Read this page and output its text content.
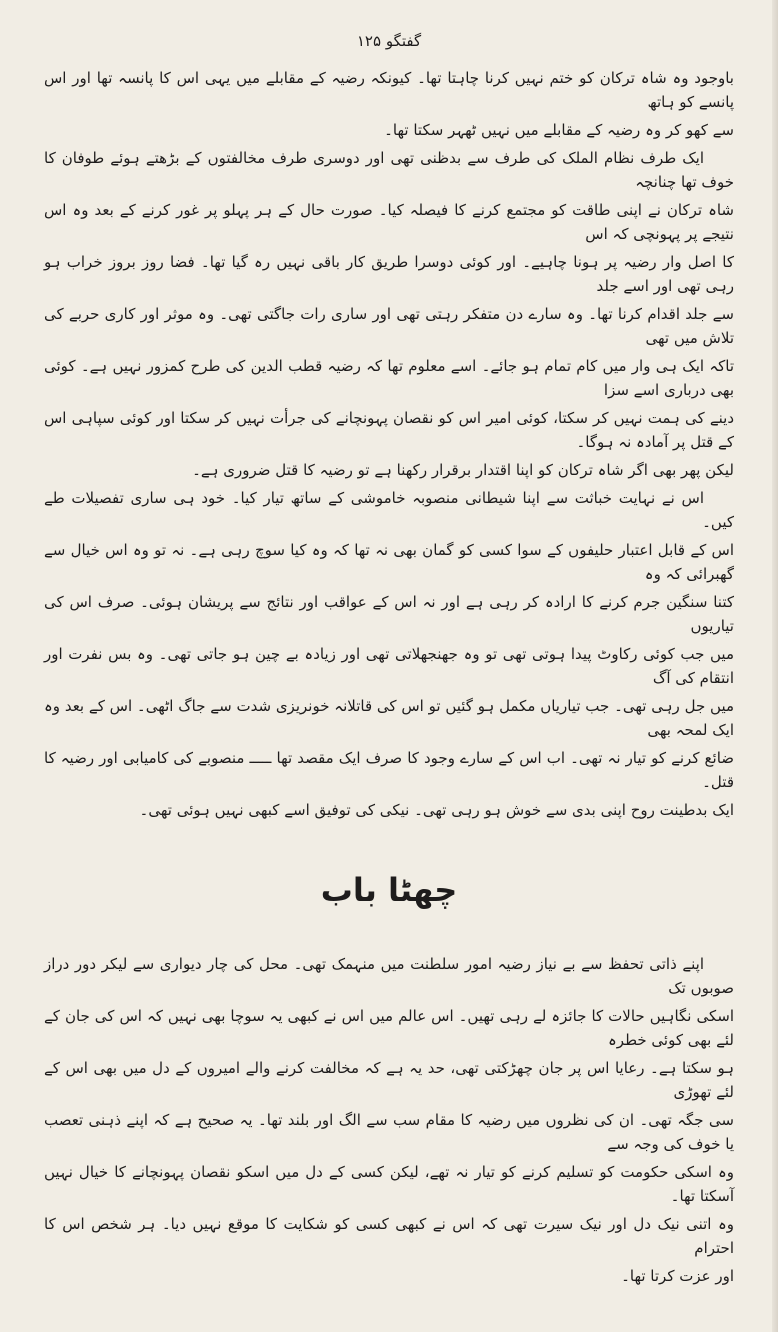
گفتگو ۱۲۵
باوجود وہ شاہ ترکان کو ختم نہیں کرنا چاہتا تھا۔ کیونکہ رضیہ کے مقابلے میں یہی اس کا پانسہ تھا اور اس پانسے کو ہاتھ
سے کھو کر وہ رضیہ کے مقابلے میں نہیں ٹھہر سکتا تھا۔
ایک طرف نظام الملک کی طرف سے بدظنی تھی اور دوسری طرف مخالفتوں کے بڑھتے ہوئے طوفان کا خوف تھا چنانچہ
شاہ ترکان نے اپنی طاقت کو مجتمع کرنے کا فیصلہ کیا۔ صورت حال کے ہر پہلو پر غور کرنے کے بعد وہ اس نتیجے پر پہونچی کہ اس
کا اصل وار رضیہ پر ہونا چاہیے۔ اور کوئی دوسرا طریق کار باقی نہیں رہ گیا تھا۔ فضا روز بروز خراب ہو رہی تھی اور اسے جلد
سے جلد اقدام کرنا تھا۔ وہ سارے دن متفکر رہتی تھی اور ساری رات جاگتی تھی۔ وہ موثر اور کاری حربے کی تلاش میں تھی
تاکہ ایک ہی وار میں کام تمام ہو جائے۔ اسے معلوم تھا کہ رضیہ قطب الدین کی طرح کمزور نہیں ہے۔ کوئی بھی درباری اسے سزا
دینے کی ہمت نہیں کر سکتا، کوئی امیر اس کو نقصان پہونچانے کی جرأت نہیں کر سکتا اور کوئی سپاہی اس کے قتل پر آمادہ نہ ہوگا۔
لیکن پھر بھی اگر شاہ ترکان کو اپنا اقتدار برقرار رکھنا ہے تو رضیہ کا قتل ضروری ہے۔
اس نے نہایت خباثت سے اپنا شیطانی منصوبہ خاموشی کے ساتھ تیار کیا۔ خود ہی ساری تفصیلات طے کیں۔
اس کے قابل اعتبار حلیفوں کے سوا کسی کو گمان بھی نہ تھا کہ وہ کیا سوچ رہی ہے۔ نہ تو وہ اس خیال سے گھبرائی کہ وہ
کتنا سنگین جرم کرنے کا ارادہ کر رہی ہے اور نہ اس کے عواقب اور نتائج سے پریشان ہوئی۔ صرف اس کی تیاریوں
میں جب کوئی رکاوٹ پیدا ہوتی تھی تو وہ جھنجھلاتی تھی اور زیادہ بے چین ہو جاتی تھی۔ وہ بس نفرت اور انتقام کی آگ
میں جل رہی تھی۔ جب تیاریاں مکمل ہو گئیں تو اس کی قاتلانہ خونریزی شدت سے جاگ اٹھی۔ اس کے بعد وہ ایک لمحہ بھی
ضائع کرنے کو تیار نہ تھی۔ اب اس کے سارے وجود کا صرف ایک مقصد تھا ـــــ منصوبے کی کامیابی اور رضیہ کا قتل۔
ایک بدطینت روح اپنی بدی سے خوش ہو رہی تھی۔ نیکی کی توفیق اسے کبھی نہیں ہوئی تھی۔
چھٹا باب
اپنے ذاتی تحفظ سے بے نیاز رضیہ امور سلطنت میں منہمک تھی۔ محل کی چار دیواری سے لیکر دور دراز صوبوں تک
اسکی نگاہیں حالات کا جائزہ لے رہی تھیں۔ اس عالم میں اس نے کبھی یہ سوچا بھی نہیں کہ اس کی جان کے لئے بھی کوئی خطرہ
ہو سکتا ہے۔ رعایا اس پر جان چھڑکتی تھی، حد یہ ہے کہ مخالفت کرنے والے امیروں کے دل میں بھی اس کے لئے تھوڑی
سی جگہ تھی۔ ان کی نظروں میں رضیہ کا مقام سب سے الگ اور بلند تھا۔ یہ صحیح ہے کہ اپنے ذہنی تعصب یا خوف کی وجہ سے
وہ اسکی حکومت کو تسلیم کرنے کو تیار نہ تھے، لیکن کسی کے دل میں اسکو نقصان پہونچانے کا خیال نہیں آسکتا تھا۔
وہ اتنی نیک دل اور نیک سیرت تھی کہ اس نے کبھی کسی کو شکایت کا موقع نہیں دیا۔ ہر شخص اس کا احترام
اور عزت کرتا تھا۔
